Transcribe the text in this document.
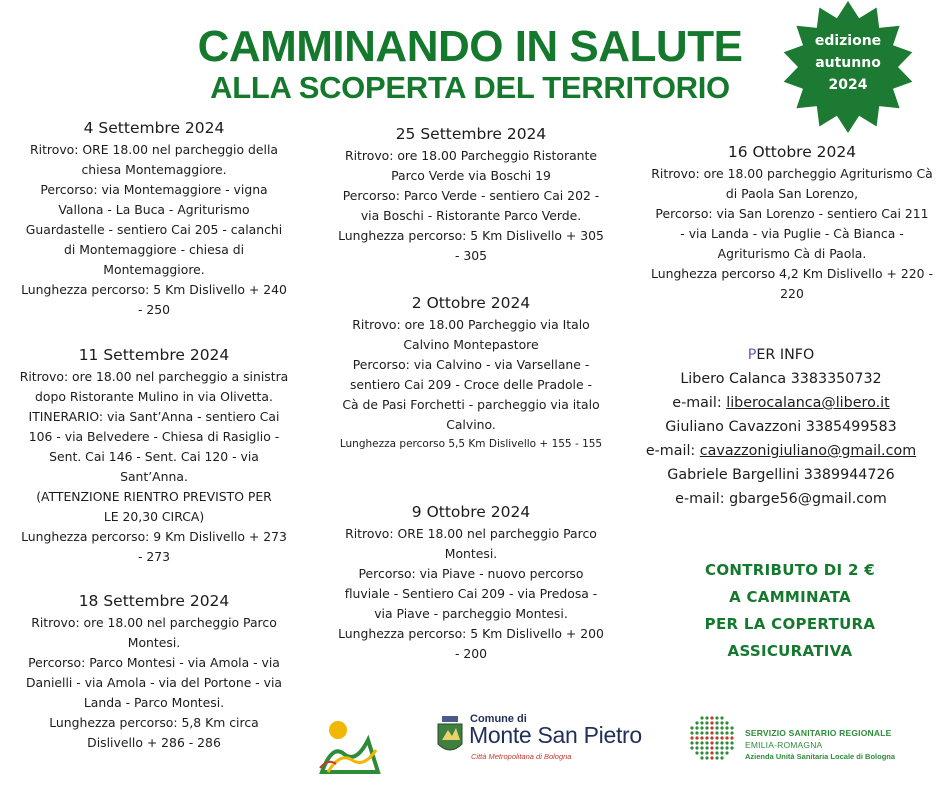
CAMMINANDO IN SALUTE
ALLA SCOPERTA DEL TERRITORIO
edizione
autunno
2024
4 Settembre 2024
Ritrovo: ORE 18.00 nel parcheggio della
chiesa Montemaggiore.
Percorso: via Montemaggiore - vigna
Vallona - La Buca - Agriturismo
Guardastelle - sentiero Cai 205 - calanchi
di Montemaggiore - chiesa di
Montemaggiore.
Lunghezza percorso: 5 Km Dislivello + 240
- 250
11 Settembre 2024
Ritrovo: ore 18.00 nel parcheggio a sinistra
dopo Ristorante Mulino in via Olivetta.
ITINERARIO: via Sant’Anna - sentiero Cai
106 - via Belvedere - Chiesa di Rasiglio -
Sent. Cai 146 - Sent. Cai 120 - via
Sant’Anna.
(ATTENZIONE RIENTRO PREVISTO PER
LE 20,30 CIRCA)
Lunghezza percorso: 9 Km Dislivello + 273
- 273
18 Settembre 2024
Ritrovo: ore 18.00 nel parcheggio Parco
Montesi.
Percorso: Parco Montesi - via Amola - via
Danielli - via Amola - via del Portone - via
Landa - Parco Montesi.
Lunghezza percorso: 5,8 Km circa
Dislivello + 286 - 286
25 Settembre 2024
Ritrovo: ore 18.00 Parcheggio Ristorante
Parco Verde via Boschi 19
Percorso: Parco Verde - sentiero Cai 202 -
via Boschi - Ristorante Parco Verde.
Lunghezza percorso: 5 Km Dislivello + 305
- 305
2 Ottobre 2024
Ritrovo: ore 18.00 Parcheggio via Italo
Calvino Montepastore
Percorso: via Calvino - via Varsellane -
sentiero Cai 209 - Croce delle Pradole -
Cà de Pasi Forchetti - parcheggio via italo
Calvino.
Lunghezza percorso 5,5 Km Dislivello + 155 - 155
9 Ottobre 2024
Ritrovo: ORE 18.00 nel parcheggio Parco
Montesi.
Percorso: via Piave - nuovo percorso
fluviale - Sentiero Cai 209 - via Predosa -
via Piave - parcheggio Montesi.
Lunghezza percorso: 5 Km Dislivello + 200
- 200
16 Ottobre 2024
Ritrovo: ore 18.00 parcheggio Agriturismo Cà
di Paola San Lorenzo,
Percorso: via San Lorenzo - sentiero Cai 211
- via Landa - via Puglie - Cà Bianca -
Agriturismo Cà di Paola.
Lunghezza percorso 4,2 Km Dislivello + 220 -
220
PER INFO
Libero Calanca 3383350732
e-mail: liberocalanca@libero.it
Giuliano Cavazzoni 3385499583
e-mail: cavazzonigiuliano@gmail.com
Gabriele Bargellini 3389944726
e-mail: gbarge56@gmail.com
CONTRIBUTO DI 2 €
A CAMMINATA
PER LA COPERTURA
ASSICURATIVA
Comune di
Monte San Pietro
Città Metropolitana di Bologna
SERVIZIO SANITARIO REGIONALE
EMILIA-ROMAGNA
Azienda Unità Sanitaria Locale di Bologna
